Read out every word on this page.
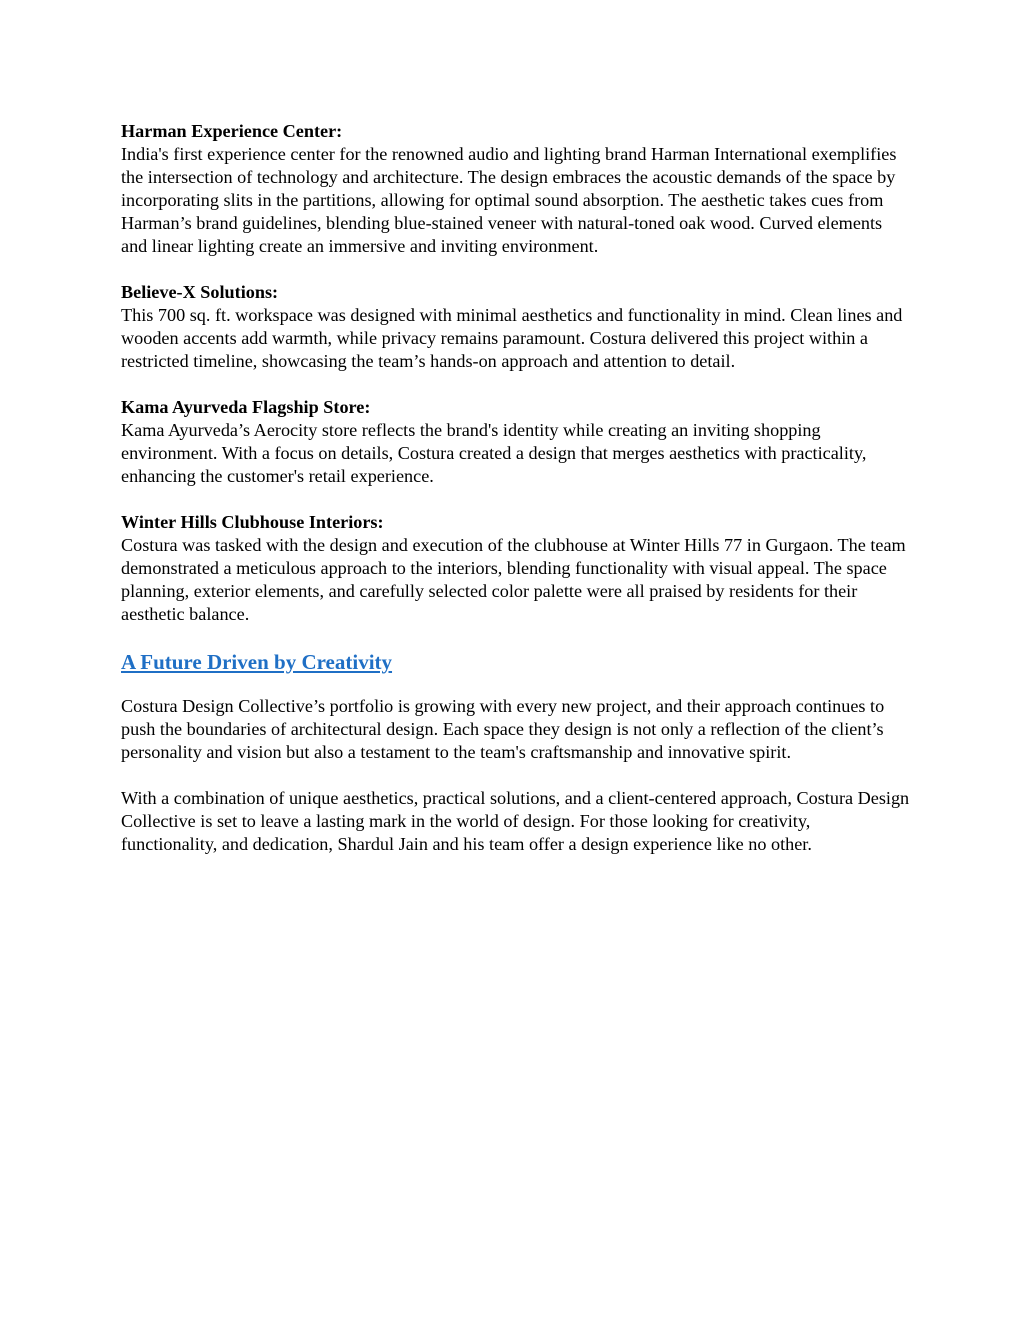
Harman Experience Center:
India's first experience center for the renowned audio and lighting brand Harman International exemplifies the intersection of technology and architecture. The design embraces the acoustic demands of the space by incorporating slits in the partitions, allowing for optimal sound absorption. The aesthetic takes cues from Harman’s brand guidelines, blending blue-stained veneer with natural-toned oak wood. Curved elements and linear lighting create an immersive and inviting environment.
Believe-X Solutions:
This 700 sq. ft. workspace was designed with minimal aesthetics and functionality in mind. Clean lines and wooden accents add warmth, while privacy remains paramount. Costura delivered this project within a restricted timeline, showcasing the team’s hands-on approach and attention to detail.
Kama Ayurveda Flagship Store:
Kama Ayurveda’s Aerocity store reflects the brand's identity while creating an inviting shopping environment. With a focus on details, Costura created a design that merges aesthetics with practicality, enhancing the customer's retail experience.
Winter Hills Clubhouse Interiors:
Costura was tasked with the design and execution of the clubhouse at Winter Hills 77 in Gurgaon. The team demonstrated a meticulous approach to the interiors, blending functionality with visual appeal. The space planning, exterior elements, and carefully selected color palette were all praised by residents for their aesthetic balance.
A Future Driven by Creativity

Costura Design Collective’s portfolio is growing with every new project, and their approach continues to push the boundaries of architectural design. Each space they design is not only a reflection of the client’s personality and vision but also a testament to the team's craftsmanship and innovative spirit.

With a combination of unique aesthetics, practical solutions, and a client-centered approach, Costura Design Collective is set to leave a lasting mark in the world of design. For those looking for creativity, functionality, and dedication, Shardul Jain and his team offer a design experience like no other.
